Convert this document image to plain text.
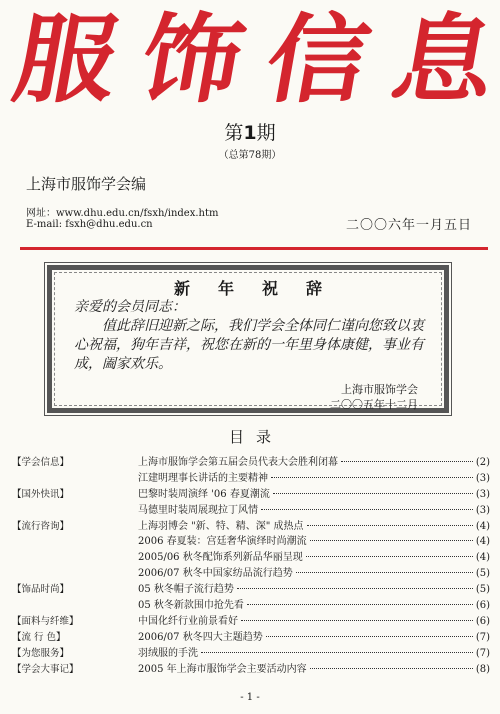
服 饰 信 息
第1期
（总第78期）
上海市服饰学会编
网址：www.dhu.edu.cn/fsxh/index.htm
E-mail: fsxh@dhu.edu.cn	二〇〇六年一月五日
新年祝辞

亲爱的会员同志：

值此辞旧迎新之际，我们学会全体同仁谨向您致以衷心祝福，狗年吉祥，祝您在新的一年里身体康健，事业有成，阖家欢乐。

上海市服饰学会
二〇〇五年十二月
目录
【学会信息】	上海市服饰学会第五届会员代表大会胜利闭幕	(2)
江建明理事长讲话的主要精神	(3)
【国外快讯】	巴黎时装周演绎 '06 春夏潮流	(3)
马德里时装周展现拉丁风情	(3)
【流行咨询】	上海羽博会 "新、特、精、深" 成热点	(4)
2006 春夏装：宫廷奢华演绎时尚潮流	(4)
2005/06 秋冬配饰系列新品华丽呈现	(4)
2006/07 秋冬中国家纺品流行趋势	(5)
【饰品时尚】	05 秋冬帽子流行趋势	(5)
05 秋冬新款围巾抢先看	(6)
【面料与纤维】	中国化纤行业前景看好	(6)
【流 行 色】	2006/07 秋冬四大主题趋势	(7)
【为您服务】	羽绒服的手洗	(7)
【学会大事记】	2005 年上海市服饰学会主要活动内容	(8)
- 1 -
